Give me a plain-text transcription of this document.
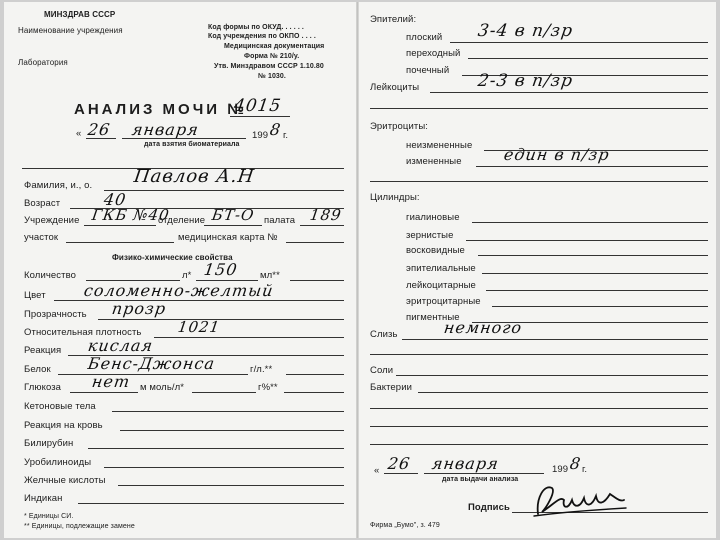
МИНЗДРАВ СССР
Наименование учреждения
Лаборатория
Код формы по ОКУД. . . . . .
Код учреждения по ОКПО . . . .
Медицинская документация
Форма № 210/у.
Утв. Минздравом СССР 1.10.80
№ 1030.
АНАЛИЗ МОЧИ №
4015
« 26 января	199 8 г.
дата взятия биоматериала
Фамилия, и., о. Павлов А.Н
Возраст	40
Учреждение ГКБ №40
отделение БТ-О палата 189
участок	медицинская карта №
Физико-химические свойства
Количество	л* 150 мл**
Цвет соломенно-желтый
Прозрачность прозр
Относительная плотность 1021
Реакция кислая
Белок Бенс-Джонса	г/л.**
Глюкоза нет м моль/л*	г%**
Кетоновые тела
Реакция на кровь
Билирубин
Уробилиноиды
Желчные кислоты
Индикан
* Единицы СИ.
** Единицы, подлежащие замене
Эпителий:
плоский 3-4 в п/зр
переходный
почечный
Лейкоциты	2-3 в п/зр
Эритроциты:
неизмененные
измененные	един в п/зр
Цилиндры:
гиалиновые
зернистые
восковидные
эпителиальные
лейкоцитарные
эритроцитарные
пигментные
Слизь	немного
Соли
Бактерии
« 26 января	199 8 г.
дата выдачи анализа
Подпись
Фирма „Бумо", з. 479
